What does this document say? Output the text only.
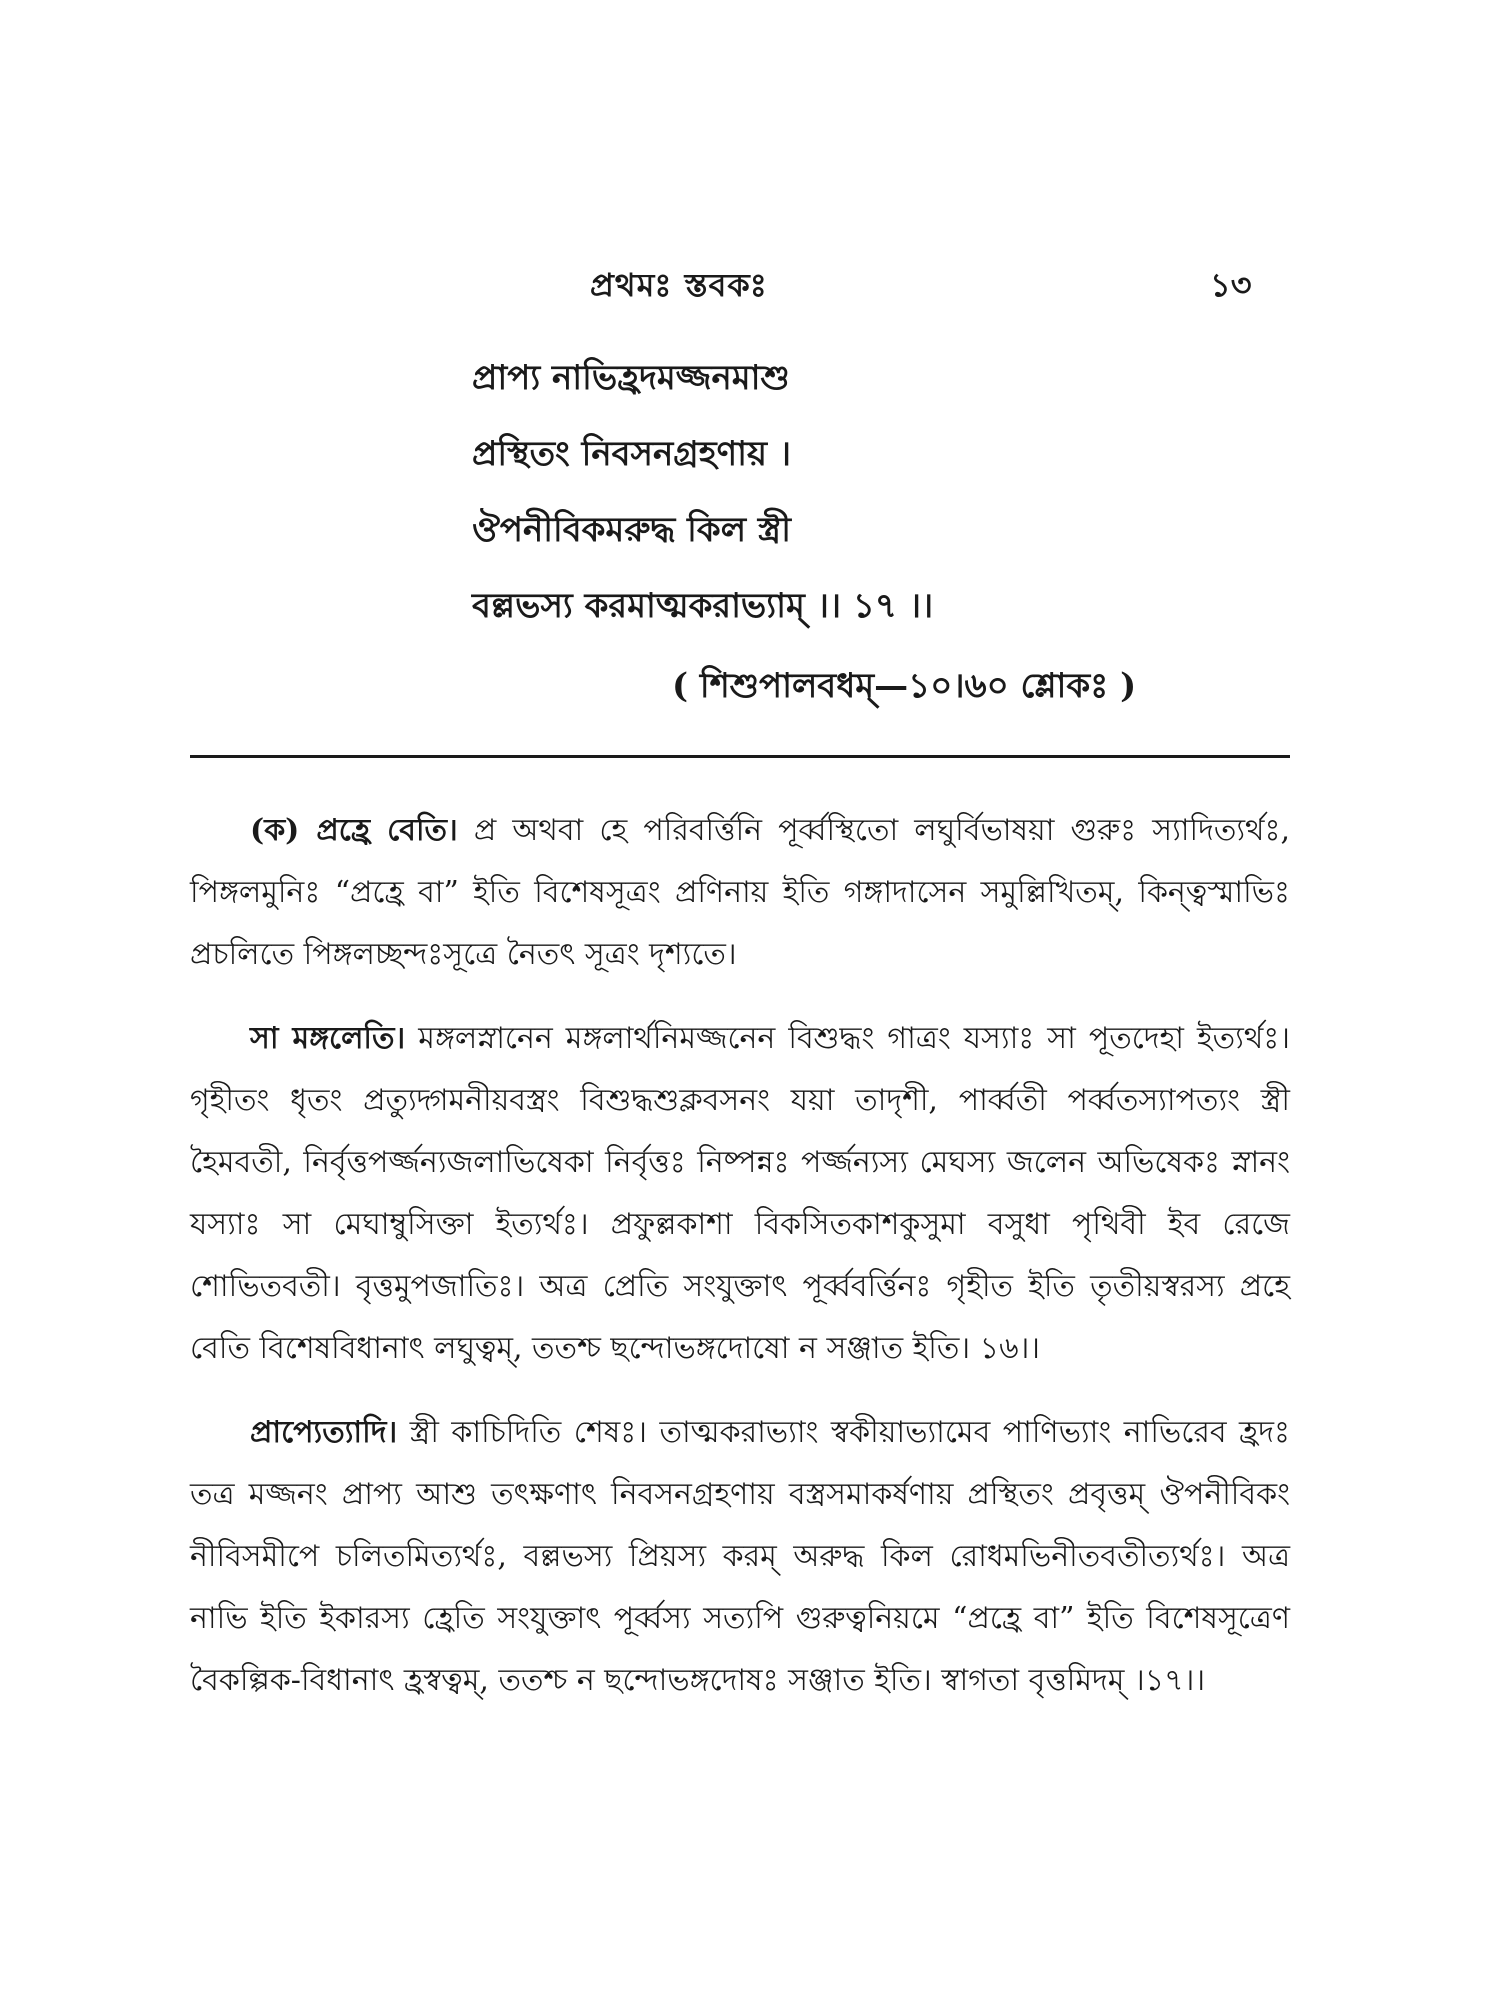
প্রথমঃ স্তবকঃ	১৩
প্রাপ্য নাভিহ্রদমজ্জনমাশু
প্রস্থিতং নিবসনগ্রহণায় ।
ঔপনীবিকমরুদ্ধ কিল স্ত্রী
বল্লভস্য করমাত্মকরাভ্যাম্ ।। ১৭ ।।
( শিশুপালবধম্—১০।৬০ শ্লোকঃ )

(ক) প্রহ্রে বেতি। প্র অথবা হে পরিবর্ত্তিনি পূর্ব্বস্থিতো লঘুর্বিভাষয়া গুরুঃ স্যাদিত্যর্থঃ, পিঙ্গলমুনিঃ “প্রহ্রে বা” ইতি বিশেষসূত্রং প্রণিনায় ইতি গঙ্গাদাসেন সমুল্লিখিতম্, কিন্ত্বস্মাভিঃ প্রচলিতে পিঙ্গলচ্ছন্দঃসূত্রে নৈতৎ সূত্রং দৃশ্যতে।

সা মঙ্গলেতি। মঙ্গলস্নানেন মঙ্গলার্থনিমজ্জনেন বিশুদ্ধং গাত্রং যস্যাঃ সা পূতদেহা ইত্যর্থঃ। গৃহীতং ধৃতং প্রত্যুদ্গমনীয়বস্ত্রং বিশুদ্ধশুক্লবসনং যয়া তাদৃশী, পার্ব্বতী পর্ব্বতস্যাপত্যং স্ত্রী হৈমবতী, নির্বৃত্তপর্জ্জন্যজলাভিষেকা নির্বৃত্তঃ নিষ্পন্নঃ পর্জ্জন্যস্য মেঘস্য জলেন অভিষেকঃ স্নানং যস্যাঃ সা মেঘাম্বুসিক্তা ইত্যর্থঃ। প্রফুল্লকাশা বিকসিতকাশকুসুমা বসুধা পৃথিবী ইব রেজে শোভিতবতী। বৃত্তমুপজাতিঃ। অত্র প্রেতি সংযুক্তাৎ পূর্ব্ববর্ত্তিনঃ গৃহীত ইতি তৃতীয়স্বরস্য প্রহে বেতি বিশেষবিধানাৎ লঘুত্বম্, ততশ্চ ছন্দোভঙ্গদোষো ন সঞ্জাত ইতি। ১৬।।

প্রাপ্যেত্যাদি। স্ত্রী কাচিদিতি শেষঃ। তাত্মকরাভ্যাং স্বকীয়াভ্যামেব পাণিভ্যাং নাভিরেব হ্রদঃ তত্র মজ্জনং প্রাপ্য আশু তৎক্ষণাৎ নিবসনগ্রহণায় বস্ত্রসমাকর্ষণায় প্রস্থিতং প্রবৃত্তম্ ঔপনীবিকং নীবিসমীপে চলিতমিত্যর্থঃ, বল্লভস্য প্রিয়স্য করম্ অরুদ্ধ কিল রোধমভিনীতবতীত্যর্থঃ। অত্র নাভি ইতি ইকারস্য হ্রেতি সংযুক্তাৎ পূর্ব্বস্য সত্যপি গুরুত্বনিয়মে “প্রহ্রে বা” ইতি বিশেষসূত্রেণ বৈকল্পিক-বিধানাৎ হ্রস্বত্বম্, ততশ্চ ন ছন্দোভঙ্গদোষঃ সঞ্জাত ইতি। স্বাগতা বৃত্তমিদম্ ।১৭।।
